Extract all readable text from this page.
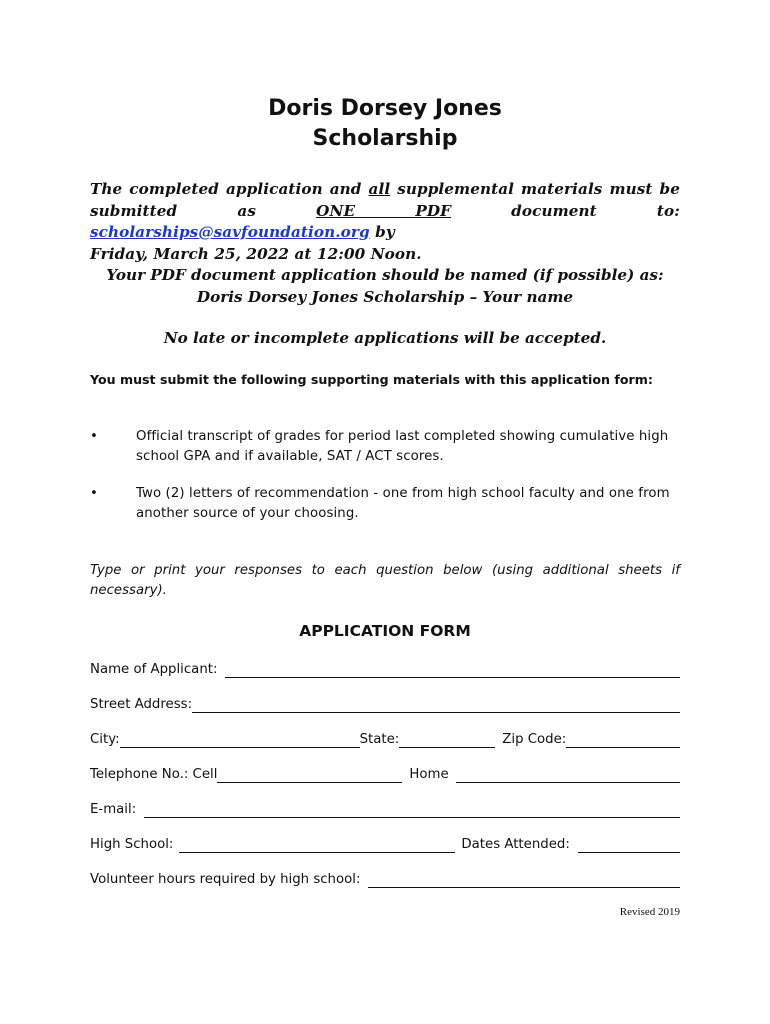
Doris Dorsey Jones
Scholarship
The completed application and all supplemental materials must be submitted as ONE PDF document to: scholarships@savfoundation.org by
Friday, March 25, 2022 at 12:00 Noon.
Your PDF document application should be named (if possible) as:
Doris Dorsey Jones Scholarship – Your name
No late or incomplete applications will be accepted.
You must submit the following supporting materials with this application form:
•	Official transcript of grades for period last completed showing cumulative high school GPA and if available, SAT / ACT scores.
•	Two (2) letters of recommendation - one from high school faculty and one from another source of your choosing.
Type or print your responses to each question below (using additional sheets if necessary).
APPLICATION FORM
Name of Applicant:
Street Address:
City:	State:	Zip Code:
Telephone No.: Cell	Home
E-mail:
High School:	Dates Attended:
Volunteer hours required by high school:
Revised 2019
